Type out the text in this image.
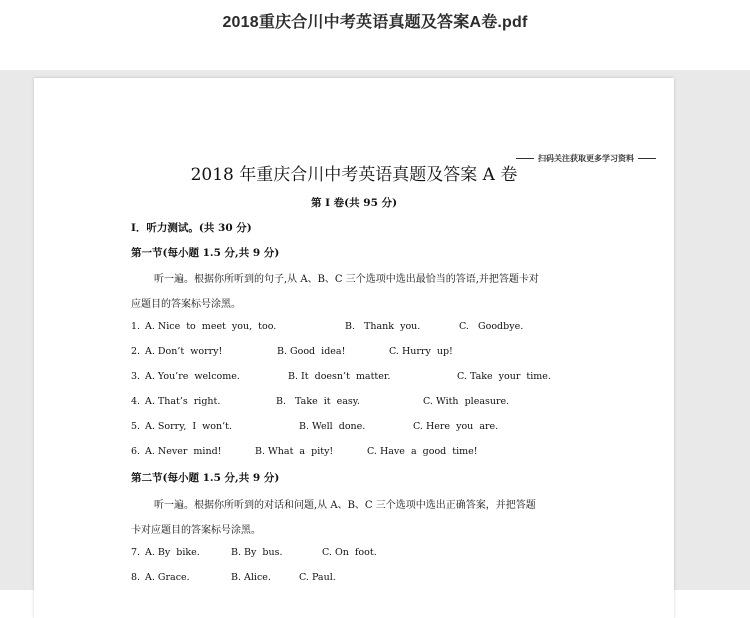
2018重庆合川中考英语真题及答案A卷.pdf
扫码关注获取更多学习资料
2018 年重庆合川中考英语真题及答案 A 卷
第 I 卷(共 95 分)
I．听力测试。(共 30 分)
第一节(每小题 1.5 分,共 9 分)
听一遍。根据你所听到的句子,从 A、B、C 三个选项中选出最恰当的答语,并把答题卡对
应题目的答案标号涂黑。
1. A. Nice  to  meet  you,  too.	B.   Thank  you.	C.   Goodbye.
2. A. Don’t  worry!	B. Good  idea!	C. Hurry  up!
3. A. You’re  welcome.	B. It  doesn’t  matter.	C. Take  your  time.
4. A. That’s  right.	B.   Take  it  easy.	C. With  pleasure.
5. A. Sorry,  I  won’t.	B. Well  done.	C. Here  you  are.
6. A. Never  mind!	B. What  a  pity!	C. Have  a  good  time!
第二节(每小题 1.5 分,共 9 分)
听一遍。根据你所听到的对话和问题,从 A、B、C 三个选项中选出正确答案，并把答题
卡对应题目的答案标号涂黑。
7. A. By  bike.	B. By  bus.	C. On  foot.
8. A. Grace.	B. Alice.	C. Paul.
